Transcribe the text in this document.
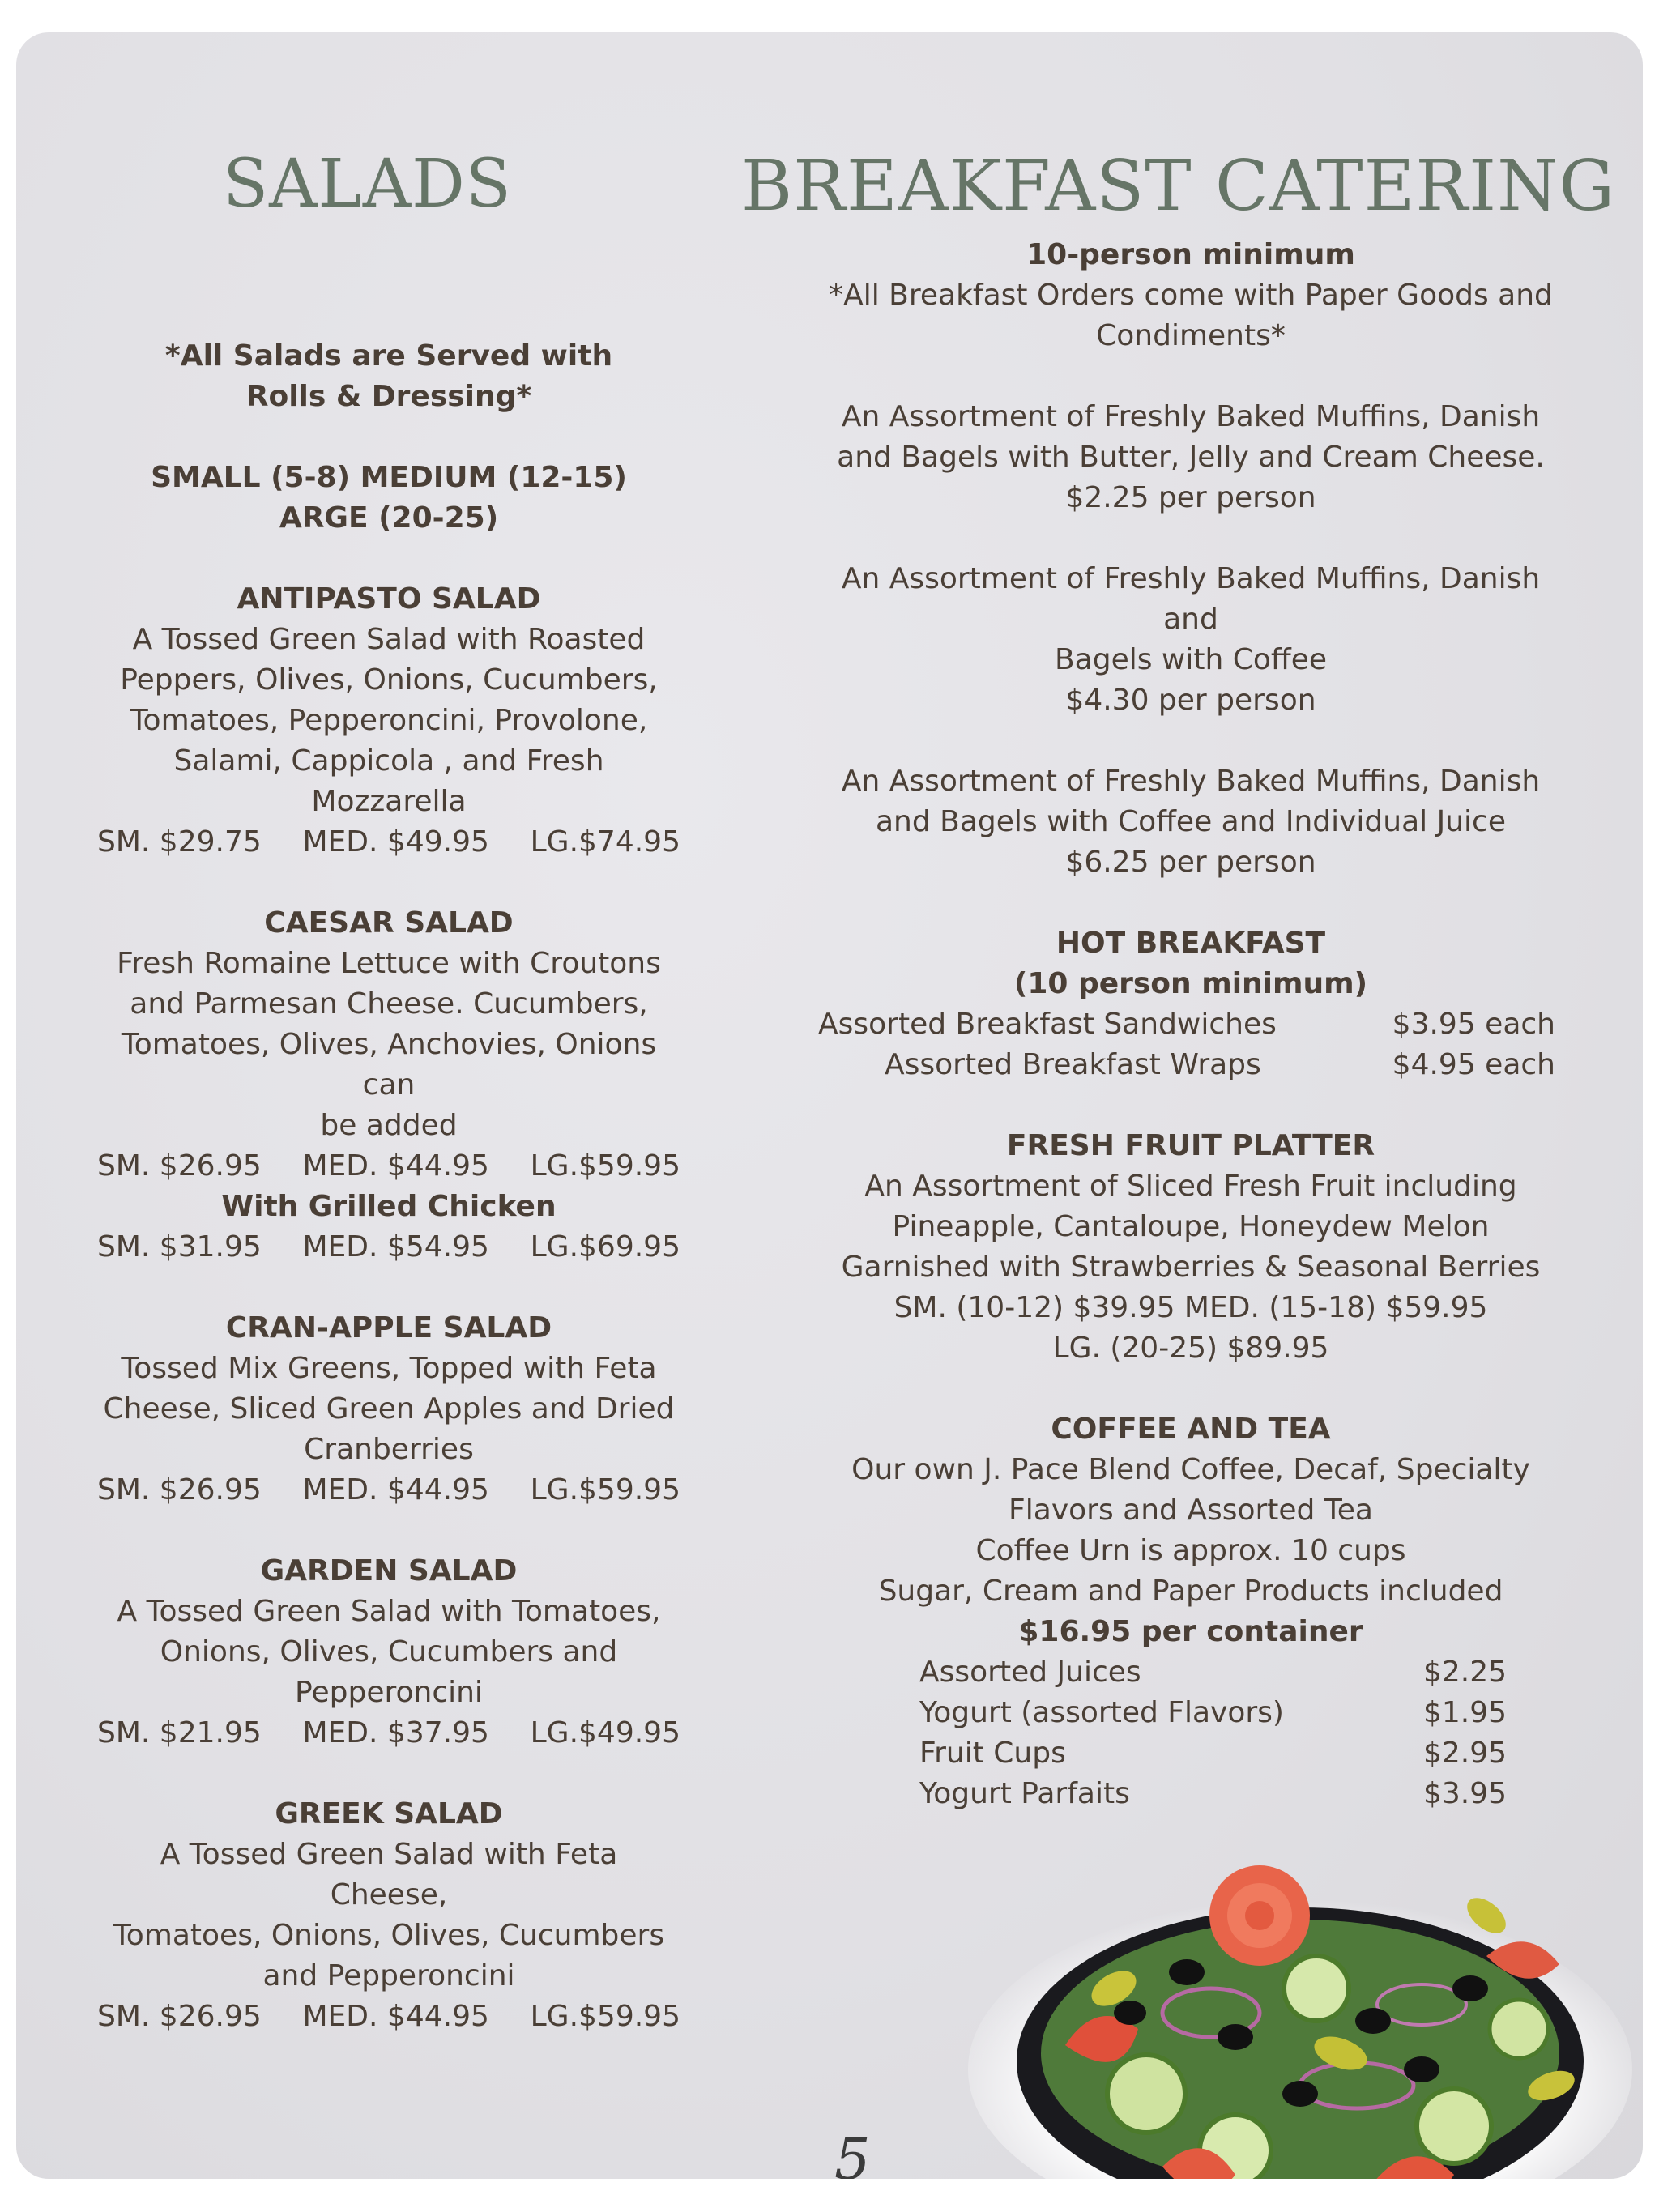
SALADS	BREAKFAST CATERING

*All Salads are Served with

Rolls & Dressing*

SMALL (5-8) MEDIUM (12-15)

ARGE (20-25)

ANTIPASTO SALAD

A Tossed Green Salad with Roasted

Peppers, Olives, Onions, Cucumbers,

Tomatoes, Pepperoncini, Provolone,

Salami, Cappicola , and Fresh Mozzarella

SM. $29.75 MED. $49.95 LG.$74.95

CAESAR SALAD

Fresh Romaine Lettuce with Croutons

and Parmesan Cheese. Cucumbers,

Tomatoes, Olives, Anchovies, Onions can

be added

SM. $26.95 MED. $44.95 LG.$59.95

With Grilled Chicken

SM. $31.95 MED. $54.95 LG.$69.95

CRAN-APPLE SALAD

Tossed Mix Greens, Topped with Feta

Cheese, Sliced Green Apples and Dried

Cranberries

SM. $26.95 MED. $44.95 LG.$59.95

GARDEN SALAD

A Tossed Green Salad with Tomatoes,

Onions, Olives, Cucumbers and

Pepperoncini

SM. $21.95 MED. $37.95 LG.$49.95

GREEK SALAD

A Tossed Green Salad with Feta Cheese,

Tomatoes, Onions, Olives, Cucumbers

and Pepperoncini

SM. $26.95 MED. $44.95 LG.$59.95

10-person minimum

*All Breakfast Orders come with Paper Goods and

Condiments*

An Assortment of Freshly Baked Muffins, Danish

and Bagels with Butter, Jelly and Cream Cheese.

$2.25 per person

An Assortment of Freshly Baked Muffins, Danish

and

Bagels with Coffee

$4.30 per person

An Assortment of Freshly Baked Muffins, Danish

and Bagels with Coffee and Individual Juice

$6.25 per person

HOT BREAKFAST

(10 person minimum)

Assorted Breakfast Sandwiches	$3.95 each
Assorted Breakfast Wraps	$4.95 each

FRESH FRUIT PLATTER

An Assortment of Sliced Fresh Fruit including

Pineapple, Cantaloupe, Honeydew Melon

Garnished with Strawberries & Seasonal Berries

SM. (10-12) $39.95 MED. (15-18) $59.95

LG. (20-25) $89.95

COFFEE AND TEA

Our own J. Pace Blend Coffee, Decaf, Specialty

Flavors and Assorted Tea

Coffee Urn is approx. 10 cups

Sugar, Cream and Paper Products included

$16.95 per container

Assorted Juices	$2.25
Yogurt (assorted Flavors)	$1.95
Fruit Cups	$2.95
Yogurt Parfaits	$3.95

5
